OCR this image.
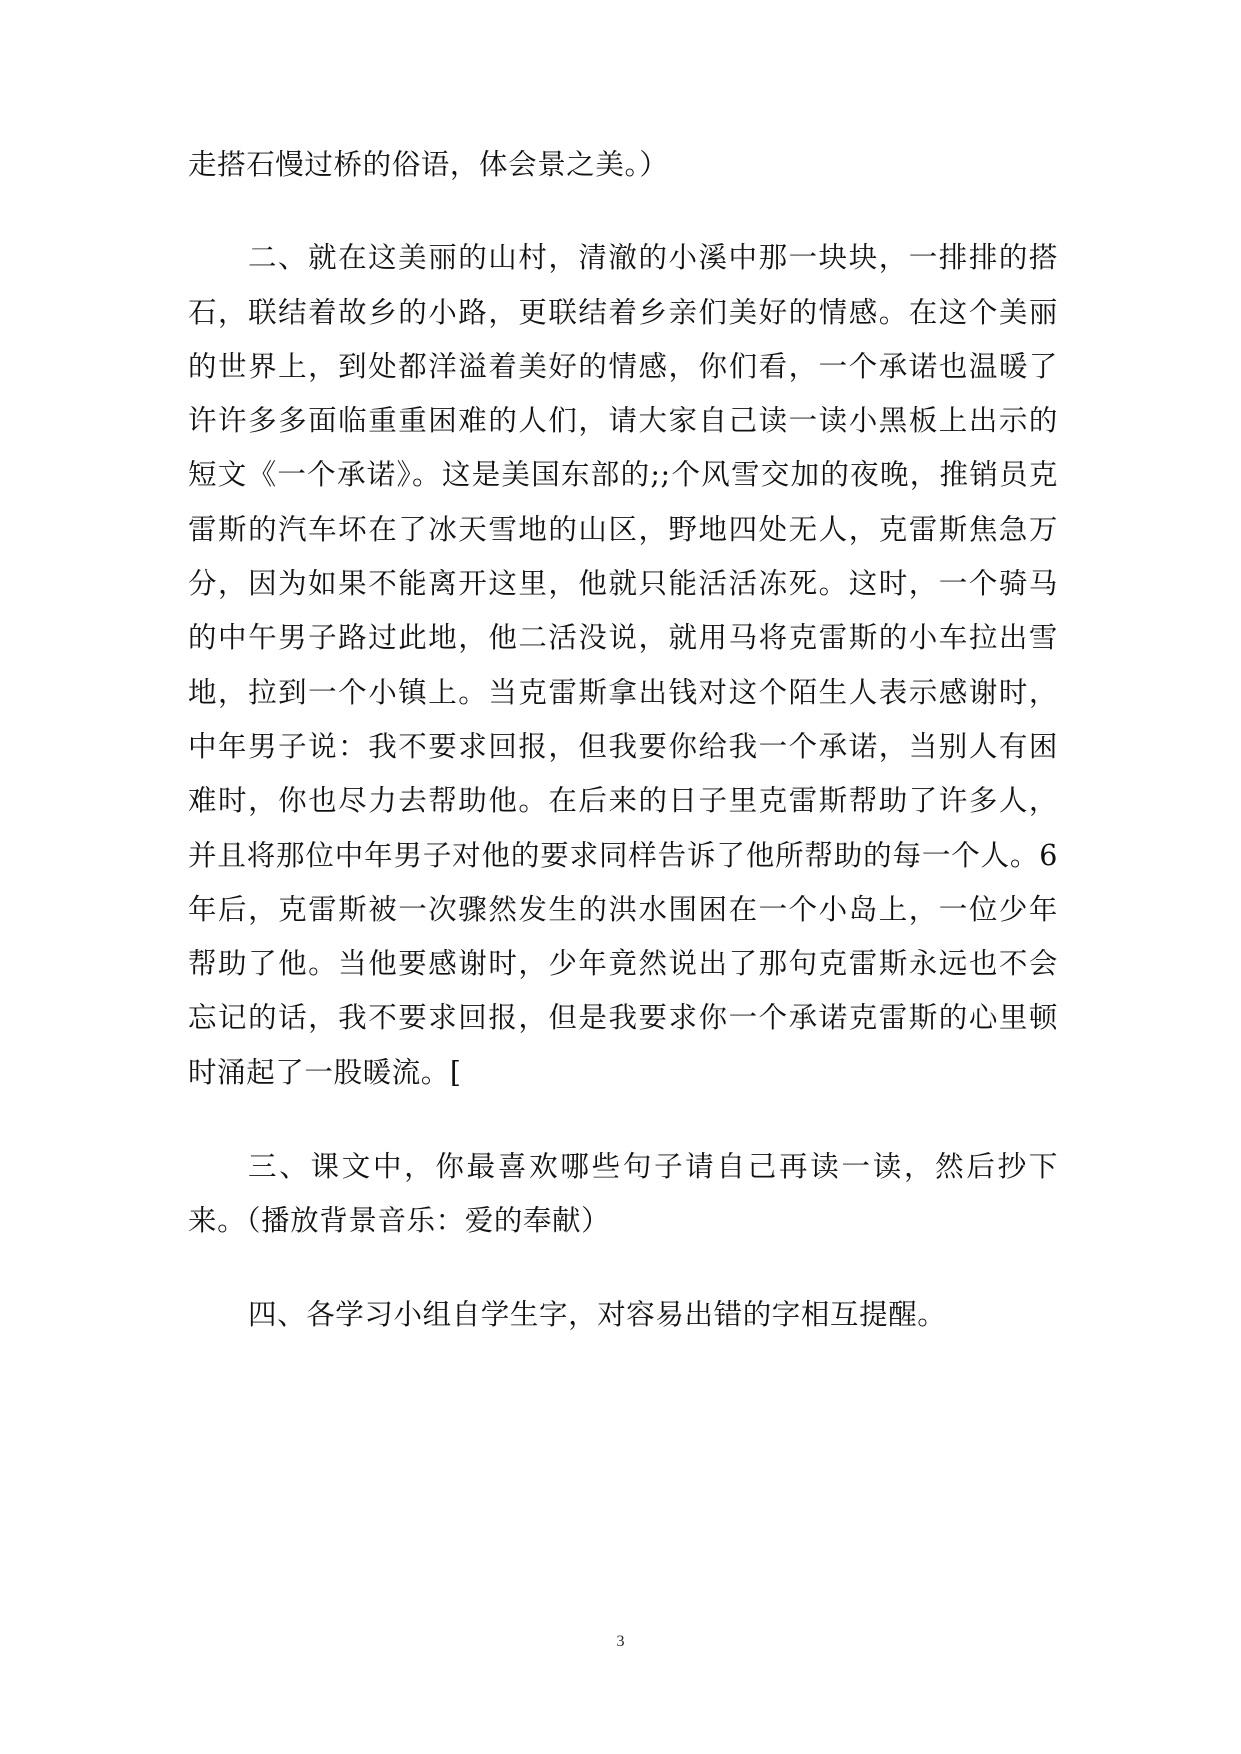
走搭石慢过桥的俗语，体会景之美。）

二、就在这美丽的山村，清澈的小溪中那一块块，一排排的搭石，联结着故乡的小路，更联结着乡亲们美好的情感。在这个美丽的世界上，到处都洋溢着美好的情感，你们看，一个承诺也温暖了许许多多面临重重困难的人们，请大家自己读一读小黑板上出示的短文《一个承诺》。这是美国东部的;;个风雪交加的夜晚，推销员克雷斯的汽车坏在了冰天雪地的山区，野地四处无人，克雷斯焦急万分，因为如果不能离开这里，他就只能活活冻死。这时，一个骑马的中午男子路过此地，他二活没说，就用马将克雷斯的小车拉出雪地，拉到一个小镇上。当克雷斯拿出钱对这个陌生人表示感谢时，中年男子说：我不要求回报，但我要你给我一个承诺，当别人有困难时，你也尽力去帮助他。在后来的日子里克雷斯帮助了许多人，并且将那位中年男子对他的要求同样告诉了他所帮助的每一个人。6年后，克雷斯被一次骤然发生的洪水围困在一个小岛上，一位少年帮助了他。当他要感谢时，少年竟然说出了那句克雷斯永远也不会忘记的话，我不要求回报，但是我要求你一个承诺克雷斯的心里顿时涌起了一股暖流。[

三、课文中，你最喜欢哪些句子请自己再读一读，然后抄下来。（播放背景音乐：爱的奉献）

四、各学习小组自学生字，对容易出错的字相互提醒。

3
